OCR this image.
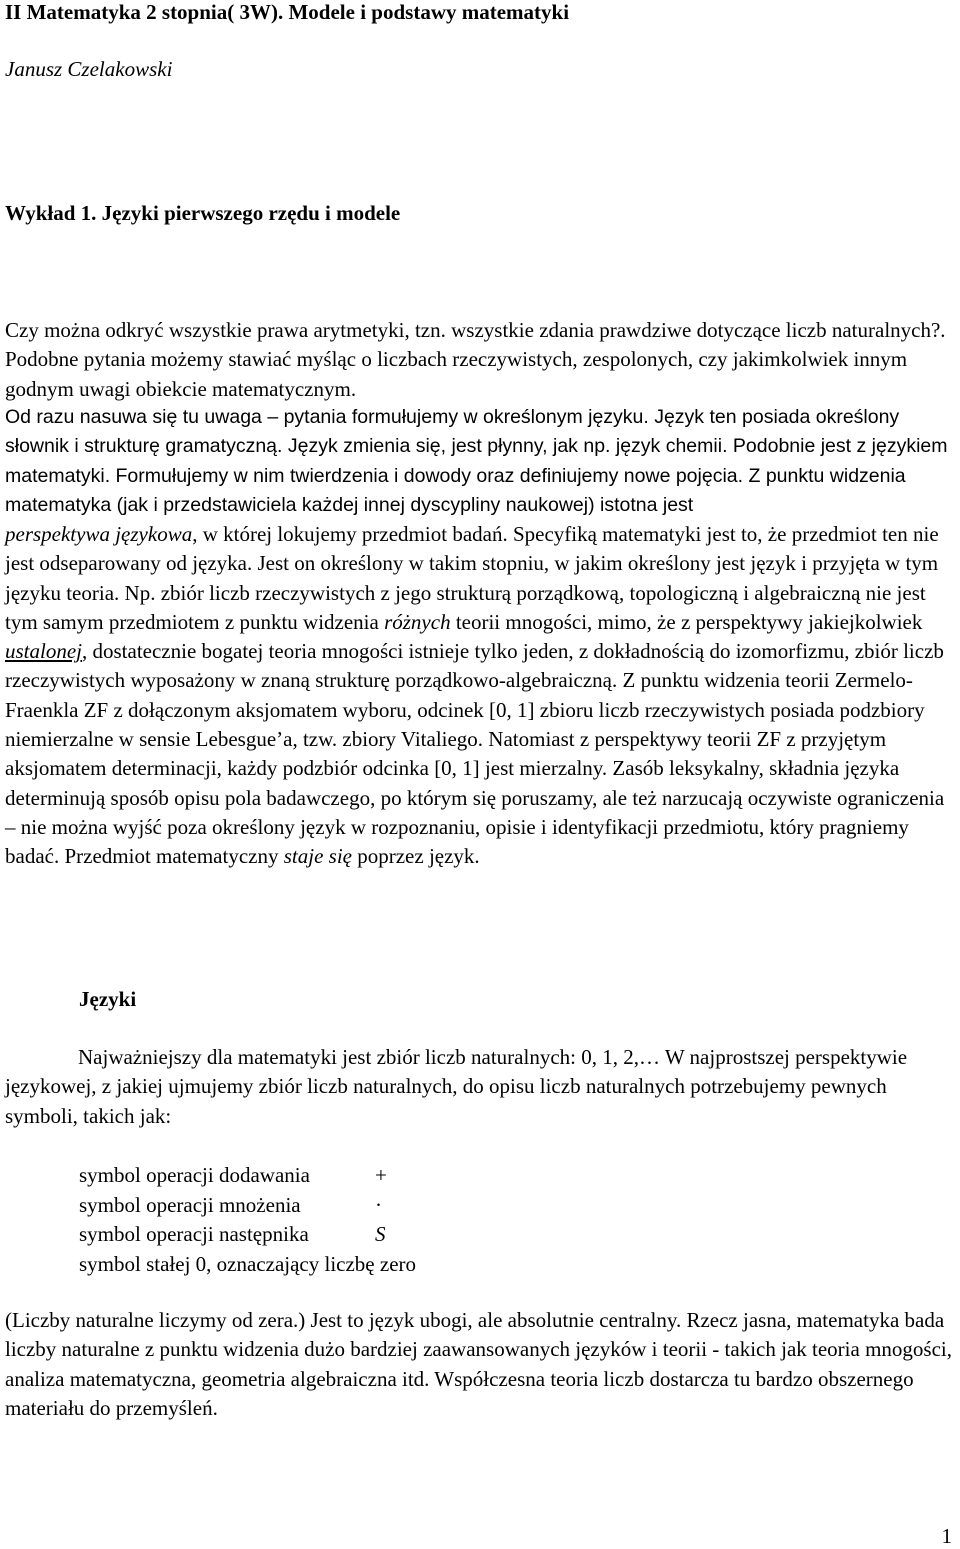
II Matematyka 2 stopnia( 3W). Modele i podstawy matematyki
Janusz Czelakowski
Wykład 1. Języki pierwszego rzędu i modele

Czy można odkryć wszystkie prawa arytmetyki, tzn. wszystkie zdania prawdziwe dotyczące liczb naturalnych?. Podobne pytania możemy stawiać myśląc o liczbach rzeczywistych, zespolonych, czy jakimkolwiek innym godnym uwagi obiekcie matematycznym.

Od razu nasuwa się tu uwaga – pytania formułujemy w określonym języku. Język ten posiada określony słownik i strukturę gramatyczną. Język zmienia się, jest płynny, jak np. język chemii. Podobnie jest z językiem matematyki. Formułujemy w nim twierdzenia i dowody oraz definiujemy nowe pojęcia. Z punktu widzenia matematyka (jak i przedstawiciela każdej innej dyscypliny naukowej) istotna jest

perspektywa językowa, w której lokujemy przedmiot badań. Specyfiką matematyki jest to, że przedmiot ten nie jest odseparowany od języka. Jest on określony w takim stopniu, w jakim określony jest język i przyjęta w tym języku teoria. Np. zbiór liczb rzeczywistych z jego strukturą porządkową, topologiczną i algebraiczną nie jest tym samym przedmiotem z punktu widzenia różnych teorii mnogości, mimo, że z perspektywy jakiejkolwiek ustalonej, dostatecznie bogatej teoria mnogości istnieje tylko jeden, z dokładnością do izomorfizmu, zbiór liczb rzeczywistych wyposażony w znaną strukturę porządkowo-algebraiczną. Z punktu widzenia teorii Zermelo-Fraenkla ZF z dołączonym aksjomatem wyboru, odcinek [0, 1] zbioru liczb rzeczywistych posiada podzbiory niemierzalne w sensie Lebesgue’a, tzw. zbiory Vitaliego. Natomiast z perspektywy teorii ZF z przyjętym aksjomatem determinacji, każdy podzbiór odcinka [0, 1] jest mierzalny. Zasób leksykalny, składnia języka determinują sposób opisu pola badawczego, po którym się poruszamy, ale też narzucają oczywiste ograniczenia – nie można wyjść poza określony język w rozpoznaniu, opisie i identyfikacji przedmiotu, który pragniemy badać. Przedmiot matematyczny staje się poprzez język.

Języki

Najważniejszy dla matematyki jest zbiór liczb naturalnych: 0, 1, 2,… W najprostszej perspektywie językowej, z jakiej ujmujemy zbiór liczb naturalnych, do opisu liczb naturalnych potrzebujemy pewnych symboli, takich jak:

symbol operacji dodawania	+
symbol operacji mnożenia	·
symbol operacji następnika	S
symbol stałej 0, oznaczający liczbę zero

(Liczby naturalne liczymy od zera.) Jest to język ubogi, ale absolutnie centralny. Rzecz jasna, matematyka bada liczby naturalne z punktu widzenia dużo bardziej zaawansowanych języków i teorii - takich jak teoria mnogości, analiza matematyczna, geometria algebraiczna itd. Współczesna teoria liczb dostarcza tu bardzo obszernego materiału do przemyśleń.

1
